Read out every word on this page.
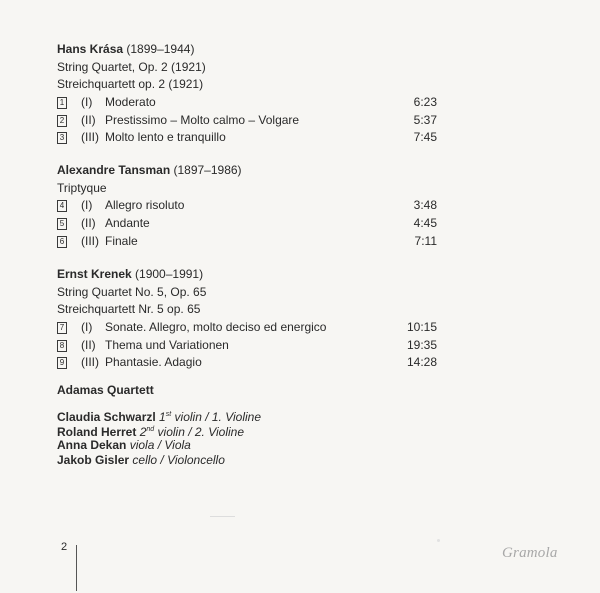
Hans Krása (1899–1944)
String Quartet, Op. 2 (1921)
Streichquartett op. 2 (1921)
1 (I)	Moderato	6:23
2 (II) Prestissimo – Molto calmo – Volgare	5:37
3 (III) Molto lento e tranquillo	7:45
Alexandre Tansman (1897–1986)
Triptyque
4 (I)	Allegro risoluto	3:48
5 (II) Andante	4:45
6 (III) Finale	7:11
Ernst Krenek (1900–1991)
String Quartet No. 5, Op. 65
Streichquartett Nr. 5 op. 65
7 (I)	Sonate. Allegro, molto deciso ed energico	10:15
8 (II) Thema und Variationen	19:35
9 (III) Phantasie. Adagio	14:28
Adamas Quartett
Claudia Schwarzl 1st violin / 1. Violine
Roland Herret 2nd violin / 2. Violine
Anna Dekan viola / Viola
Jakob Gisler cello / Violoncello
2	Gramola
